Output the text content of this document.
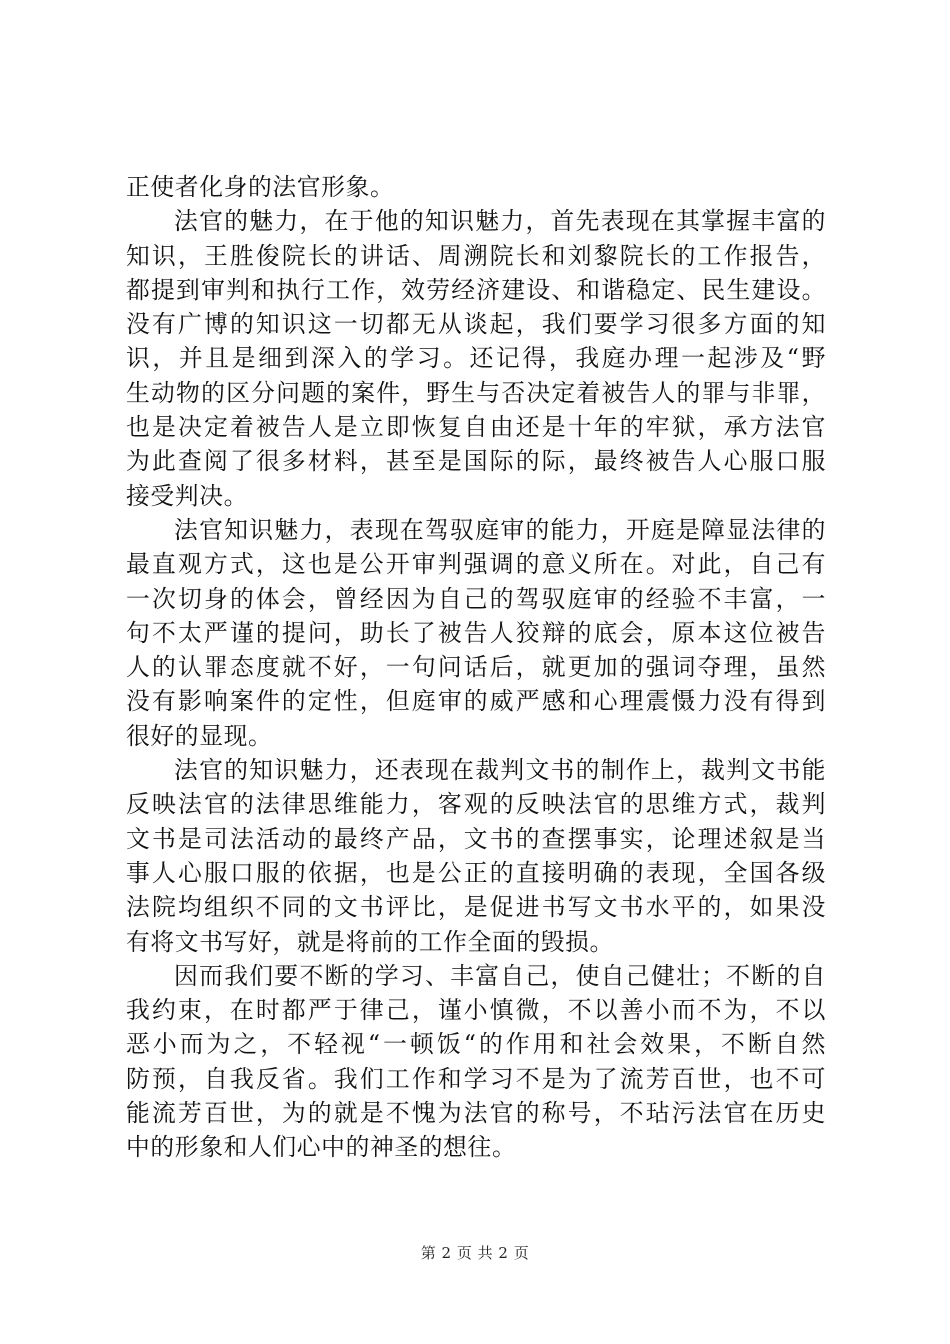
正使者化身的法官形象。
法官的魅力，在于他的知识魅力，首先表现在其掌握丰富的
知识，王胜俊院长的讲话、周溯院长和刘黎院长的工作报告，
都提到审判和执行工作，效劳经济建设、和谐稳定、民生建设。
没有广博的知识这一切都无从谈起，我们要学习很多方面的知
识，并且是细到深入的学习。还记得，我庭办理一起涉及“野
生动物的区分问题的案件，野生与否决定着被告人的罪与非罪，
也是决定着被告人是立即恢复自由还是十年的牢狱，承方法官
为此查阅了很多材料，甚至是国际的际，最终被告人心服口服
接受判决。
法官知识魅力，表现在驾驭庭审的能力，开庭是障显法律的
最直观方式，这也是公开审判强调的意义所在。对此，自己有
一次切身的体会，曾经因为自己的驾驭庭审的经验不丰富，一
句不太严谨的提问，助长了被告人狡辩的底会，原本这位被告
人的认罪态度就不好，一句问话后，就更加的强词夺理，虽然
没有影响案件的定性，但庭审的威严感和心理震慑力没有得到
很好的显现。
法官的知识魅力，还表现在裁判文书的制作上，裁判文书能
反映法官的法律思维能力，客观的反映法官的思维方式，裁判
文书是司法活动的最终产品，文书的查摆事实，论理述叙是当
事人心服口服的依据，也是公正的直接明确的表现，全国各级
法院均组织不同的文书评比，是促进书写文书水平的，如果没
有将文书写好，就是将前的工作全面的毁损。
因而我们要不断的学习、丰富自己，使自己健壮；不断的自
我约束，在时都严于律己，谨小慎微，不以善小而不为，不以
恶小而为之，不轻视“一顿饭“的作用和社会效果，不断自然
防预，自我反省。我们工作和学习不是为了流芳百世，也不可
能流芳百世，为的就是不愧为法官的称号，不玷污法官在历史
中的形象和人们心中的神圣的想往。
第 2 页 共 2 页
